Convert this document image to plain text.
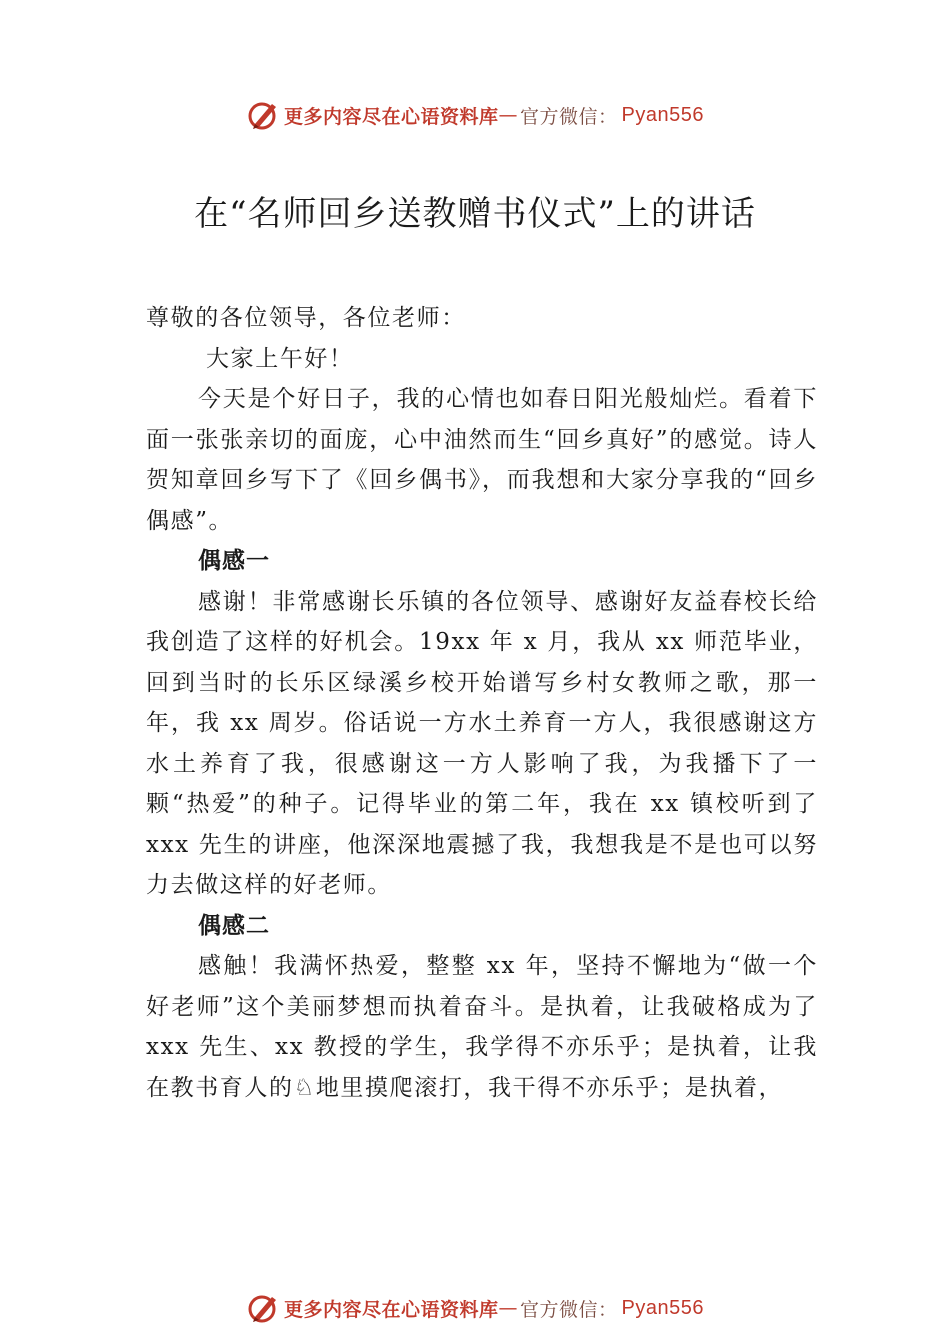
更多内容尽在心语资料库 — 官方微信： Pyan556
在“名师回乡送教赠书仪式”上的讲话

尊敬的各位领导，各位老师：

大家上午好！

今天是个好日子，我的心情也如春日阳光般灿烂。看着下面一张张亲切的面庞，心中油然而生“回乡真好”的感觉。诗人贺知章回乡写下了《回乡偶书》，而我想和大家分享我的“回乡偶感”。

偶感一

感谢！非常感谢长乐镇的各位领导、感谢好友益春校长给我创造了这样的好机会。19xx 年 x 月，我从 xx 师范毕业，回到当时的长乐区绿溪乡校开始谱写乡村女教师之歌，那一年，我 xx 周岁。俗话说一方水土养育一方人，我很感谢这方水土养育了我，很感谢这一方人影响了我，为我播下了一颗“热爱”的种子。记得毕业的第二年，我在 xx 镇校听到了 xxx 先生的讲座，他深深地震撼了我，我想我是不是也可以努力去做这样的好老师。

偶感二

感触！我满怀热爱，整整 xx 年，坚持不懈地为“做一个好老师”这个美丽梦想而执着奋斗。是执着，让我破格成为了 xxx 先生、xx 教授的学生，我学得不亦乐乎；是执着，让我在教书育人的♘地里摸爬滚打，我干得不亦乐乎；是执着，

更多内容尽在心语资料库 — 官方微信： Pyan556
